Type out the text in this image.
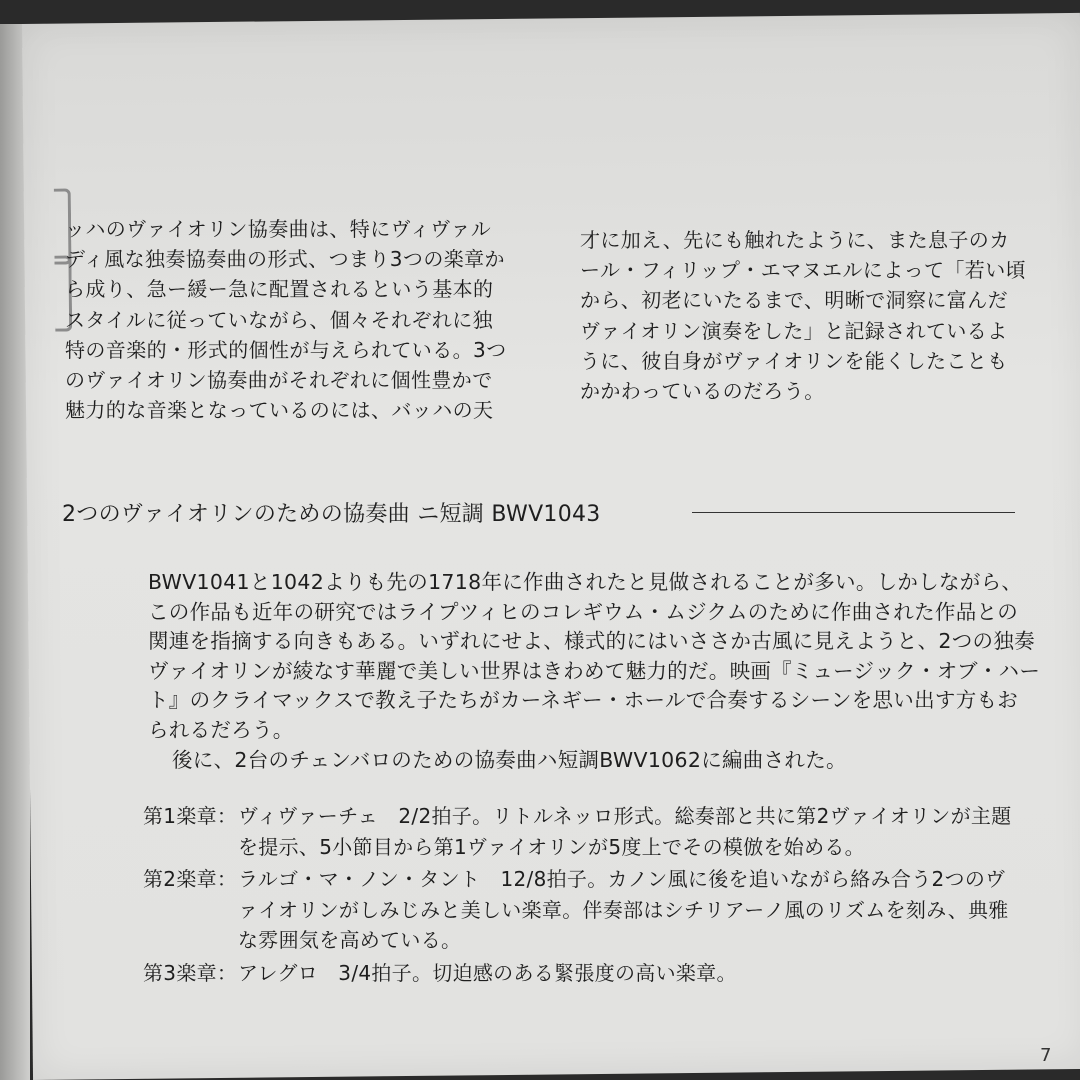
ッハのヴァイオリン協奏曲は、特にヴィヴァル
ディ風な独奏協奏曲の形式、つまり3つの楽章か
ら成り、急ー緩ー急に配置されるという基本的
スタイルに従っていながら、個々それぞれに独
特の音楽的・形式的個性が与えられている。3つ
のヴァイオリン協奏曲がそれぞれに個性豊かで
魅力的な音楽となっているのには、バッハの天
才に加え、先にも触れたように、また息子のカ
ール・フィリップ・エマヌエルによって「若い頃
から、初老にいたるまで、明晰で洞察に富んだ
ヴァイオリン演奏をした」と記録されているよ
うに、彼自身がヴァイオリンを能くしたことも
かかわっているのだろう。
2つのヴァイオリンのための協奏曲 ニ短調 BWV1043
BWV1041と1042よりも先の1718年に作曲されたと見做されることが多い。しかしながら、
この作品も近年の研究ではライプツィヒのコレギウム・ムジクムのために作曲された作品との
関連を指摘する向きもある。いずれにせよ、様式的にはいささか古風に見えようと、2つの独奏
ヴァイオリンが綾なす華麗で美しい世界はきわめて魅力的だ。映画『ミュージック・オブ・ハー
ト』のクライマックスで教え子たちがカーネギー・ホールで合奏するシーンを思い出す方もお
られるだろう。
後に、2台のチェンバロのための協奏曲ハ短調BWV1062に編曲された。
第1楽章： ヴィヴァーチェ　2/2拍子。リトルネッロ形式。総奏部と共に第2ヴァイオリンが主題
を提示、5小節目から第1ヴァイオリンが5度上でその模倣を始める。
第2楽章： ラルゴ・マ・ノン・タント　12/8拍子。カノン風に後を追いながら絡み合う2つのヴ
ァイオリンがしみじみと美しい楽章。伴奏部はシチリアーノ風のリズムを刻み、典雅
な雰囲気を高めている。
第3楽章： アレグロ　3/4拍子。切迫感のある緊張度の高い楽章。
7
